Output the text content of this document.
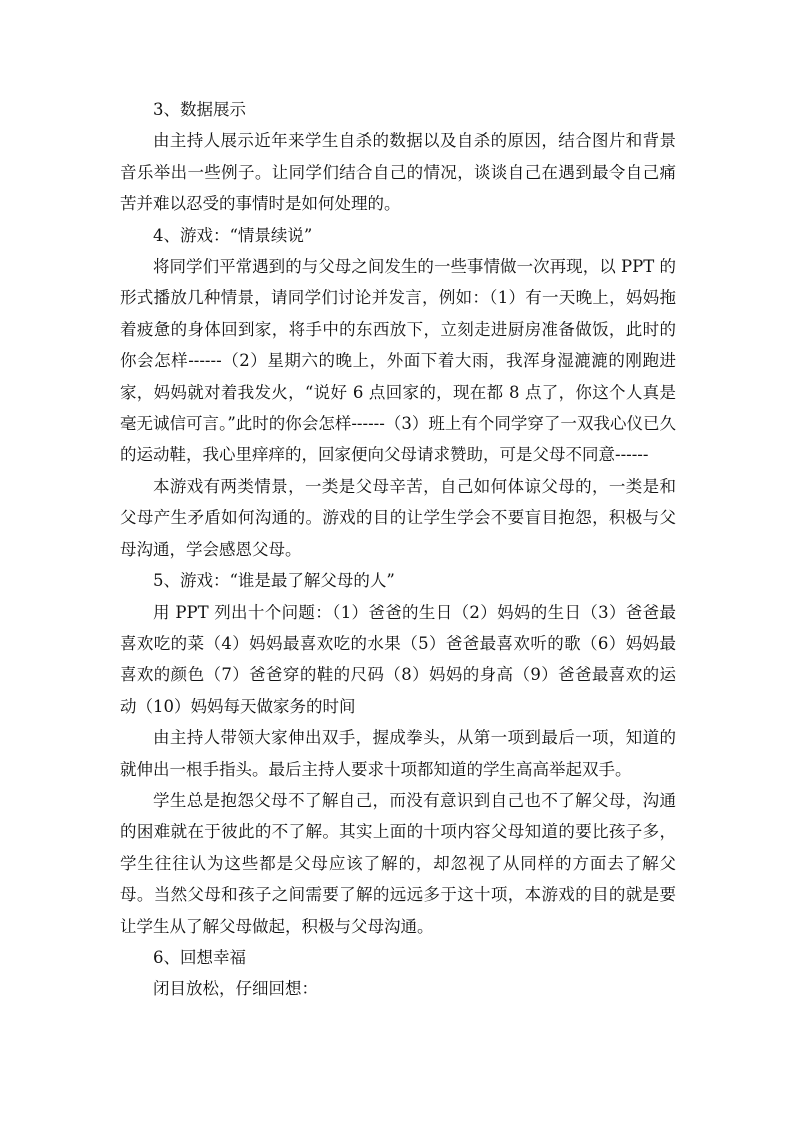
3、数据展示

由主持人展示近年来学生自杀的数据以及自杀的原因，结合图片和背景音乐举出一些例子。让同学们结合自己的情况，谈谈自己在遇到最令自己痛苦并难以忍受的事情时是如何处理的。

4、游戏：“情景续说”

将同学们平常遇到的与父母之间发生的一些事情做一次再现，以 PPT 的形式播放几种情景，请同学们讨论并发言，例如：（1）有一天晚上，妈妈拖着疲惫的身体回到家，将手中的东西放下，立刻走进厨房准备做饭，此时的你会怎样------（2）星期六的晚上，外面下着大雨，我浑身湿漉漉的刚跑进家，妈妈就对着我发火，“说好 6 点回家的，现在都 8 点了，你这个人真是毫无诚信可言。”此时的你会怎样------（3）班上有个同学穿了一双我心仪已久的运动鞋，我心里痒痒的，回家便向父母请求赞助，可是父母不同意------

本游戏有两类情景，一类是父母辛苦，自己如何体谅父母的，一类是和父母产生矛盾如何沟通的。游戏的目的让学生学会不要盲目抱怨，积极与父母沟通，学会感恩父母。

5、游戏：“谁是最了解父母的人”

用 PPT 列出十个问题：（1）爸爸的生日（2）妈妈的生日（3）爸爸最喜欢吃的菜（4）妈妈最喜欢吃的水果（5）爸爸最喜欢听的歌（6）妈妈最喜欢的颜色（7）爸爸穿的鞋的尺码（8）妈妈的身高（9）爸爸最喜欢的运动（10）妈妈每天做家务的时间

由主持人带领大家伸出双手，握成拳头，从第一项到最后一项，知道的就伸出一根手指头。最后主持人要求十项都知道的学生高高举起双手。

学生总是抱怨父母不了解自己，而没有意识到自己也不了解父母，沟通的困难就在于彼此的不了解。其实上面的十项内容父母知道的要比孩子多，学生往往认为这些都是父母应该了解的，却忽视了从同样的方面去了解父母。当然父母和孩子之间需要了解的远远多于这十项，本游戏的目的就是要让学生从了解父母做起，积极与父母沟通。

6、回想幸福

闭目放松，仔细回想：
